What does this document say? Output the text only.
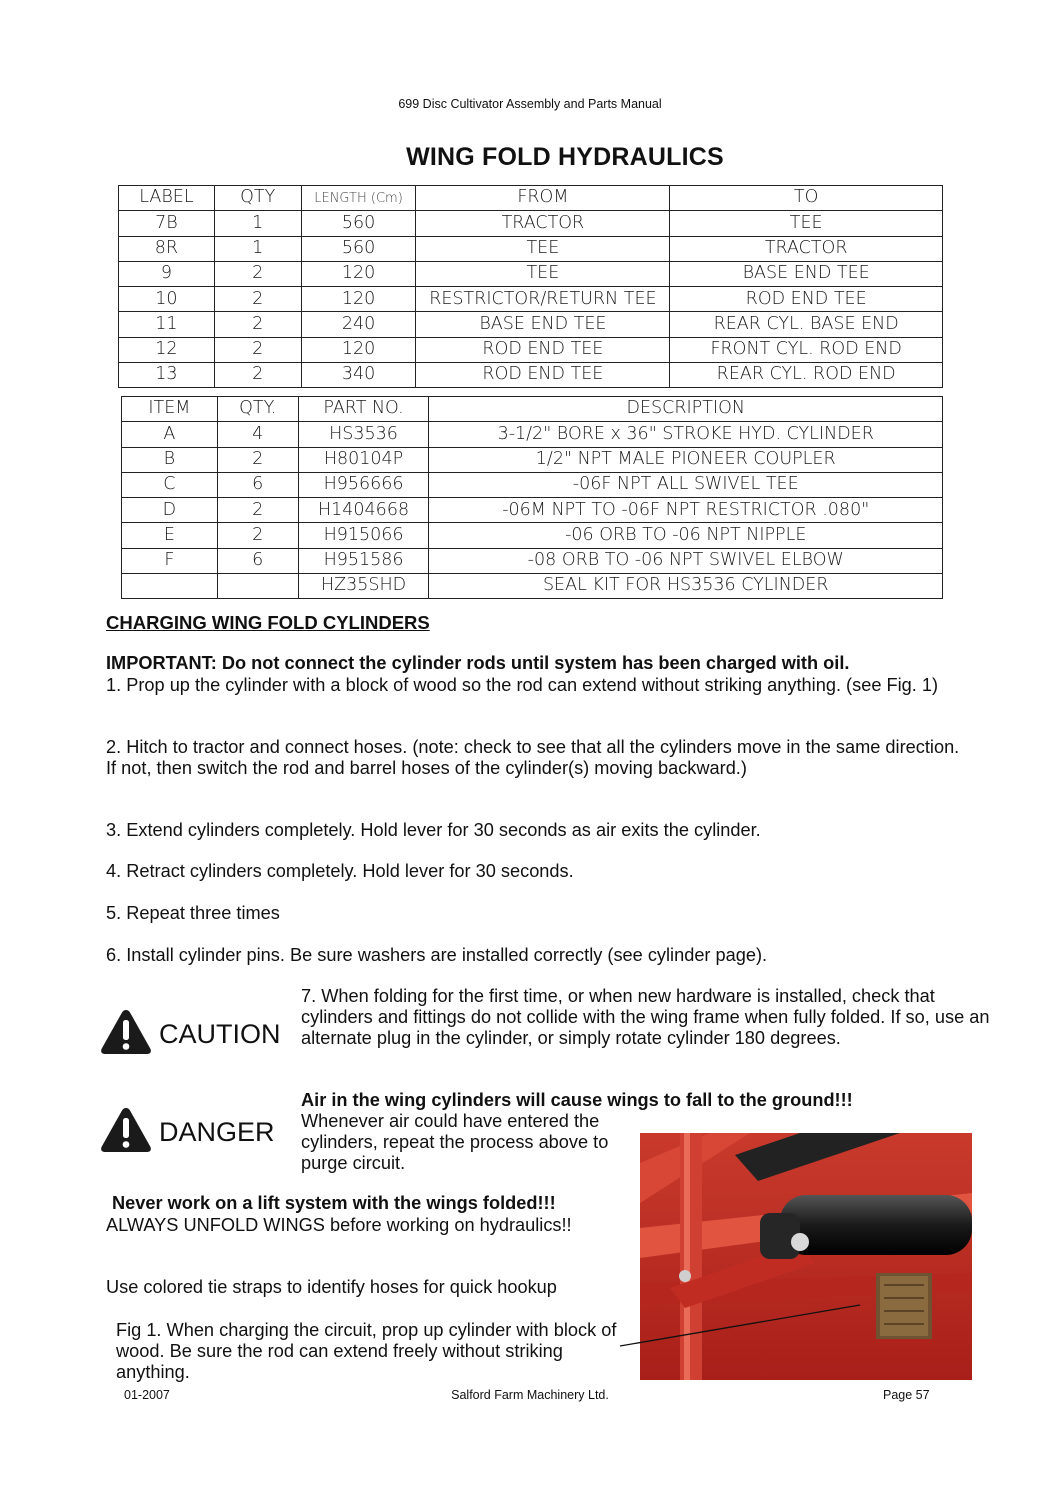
699 Disc Cultivator Assembly and Parts Manual
WING FOLD HYDRAULICS
LABEL	QTY	LENGTH (Cm)	FROM	TO
7B	1	560	TRACTOR	TEE
8R	1	560	TEE	TRACTOR
9	2	120	TEE	BASE END TEE
10	2	120	RESTRICTOR/RETURN TEE	ROD END TEE
11	2	240	BASE END TEE	REAR CYL. BASE END
12	2	120	ROD END TEE	FRONT CYL. ROD END
13	2	340	ROD END TEE	REAR CYL. ROD END
ITEM	QTY.	PART NO.	DESCRIPTION
A	4	HS3536	3-1/2" BORE x 36" STROKE HYD. CYLINDER
B	2	H80104P	1/2" NPT MALE PIONEER COUPLER
C	6	H956666	-06F NPT ALL SWIVEL TEE
D	2	H1404668	-06M NPT TO -06F NPT RESTRICTOR .080"
E	2	H915066	-06 ORB TO -06 NPT NIPPLE
F	6	H951586	-08 ORB TO -06 NPT SWIVEL ELBOW
		HZ35SHD	SEAL KIT FOR HS3536 CYLINDER
CHARGING WING FOLD CYLINDERS
IMPORTANT: Do not connect the cylinder rods until system has been charged with oil.
1. Prop up the cylinder with a block of wood so the rod can extend without striking anything. (see Fig. 1)
2. Hitch to tractor and connect hoses. (note: check to see that all the cylinders move in the same direction. If not, then switch the rod and barrel hoses of the cylinder(s) moving backward.)
3. Extend cylinders completely. Hold lever for 30 seconds as air exits the cylinder.
4. Retract cylinders completely. Hold lever for 30 seconds.
5. Repeat three times
6. Install cylinder pins. Be sure washers are installed correctly (see cylinder page).
7. When folding for the first time, or when new hardware is installed, check that cylinders and fittings do not collide with the wing frame when fully folded. If so, use an alternate plug in the cylinder, or simply rotate cylinder 180 degrees.
CAUTION
DANGER
Air in the wing cylinders will cause wings to fall to the ground!!!
Whenever air could have entered the cylinders, repeat the process above to purge circuit.
Never work on a lift system with the wings folded!!!
ALWAYS UNFOLD WINGS before working on hydraulics!!
Use colored tie straps to identify hoses for quick hookup
Fig 1. When charging the circuit, prop up cylinder with block of wood. Be sure the rod can extend freely without striking anything.
01-2007	Salford Farm Machinery Ltd.	Page 57
